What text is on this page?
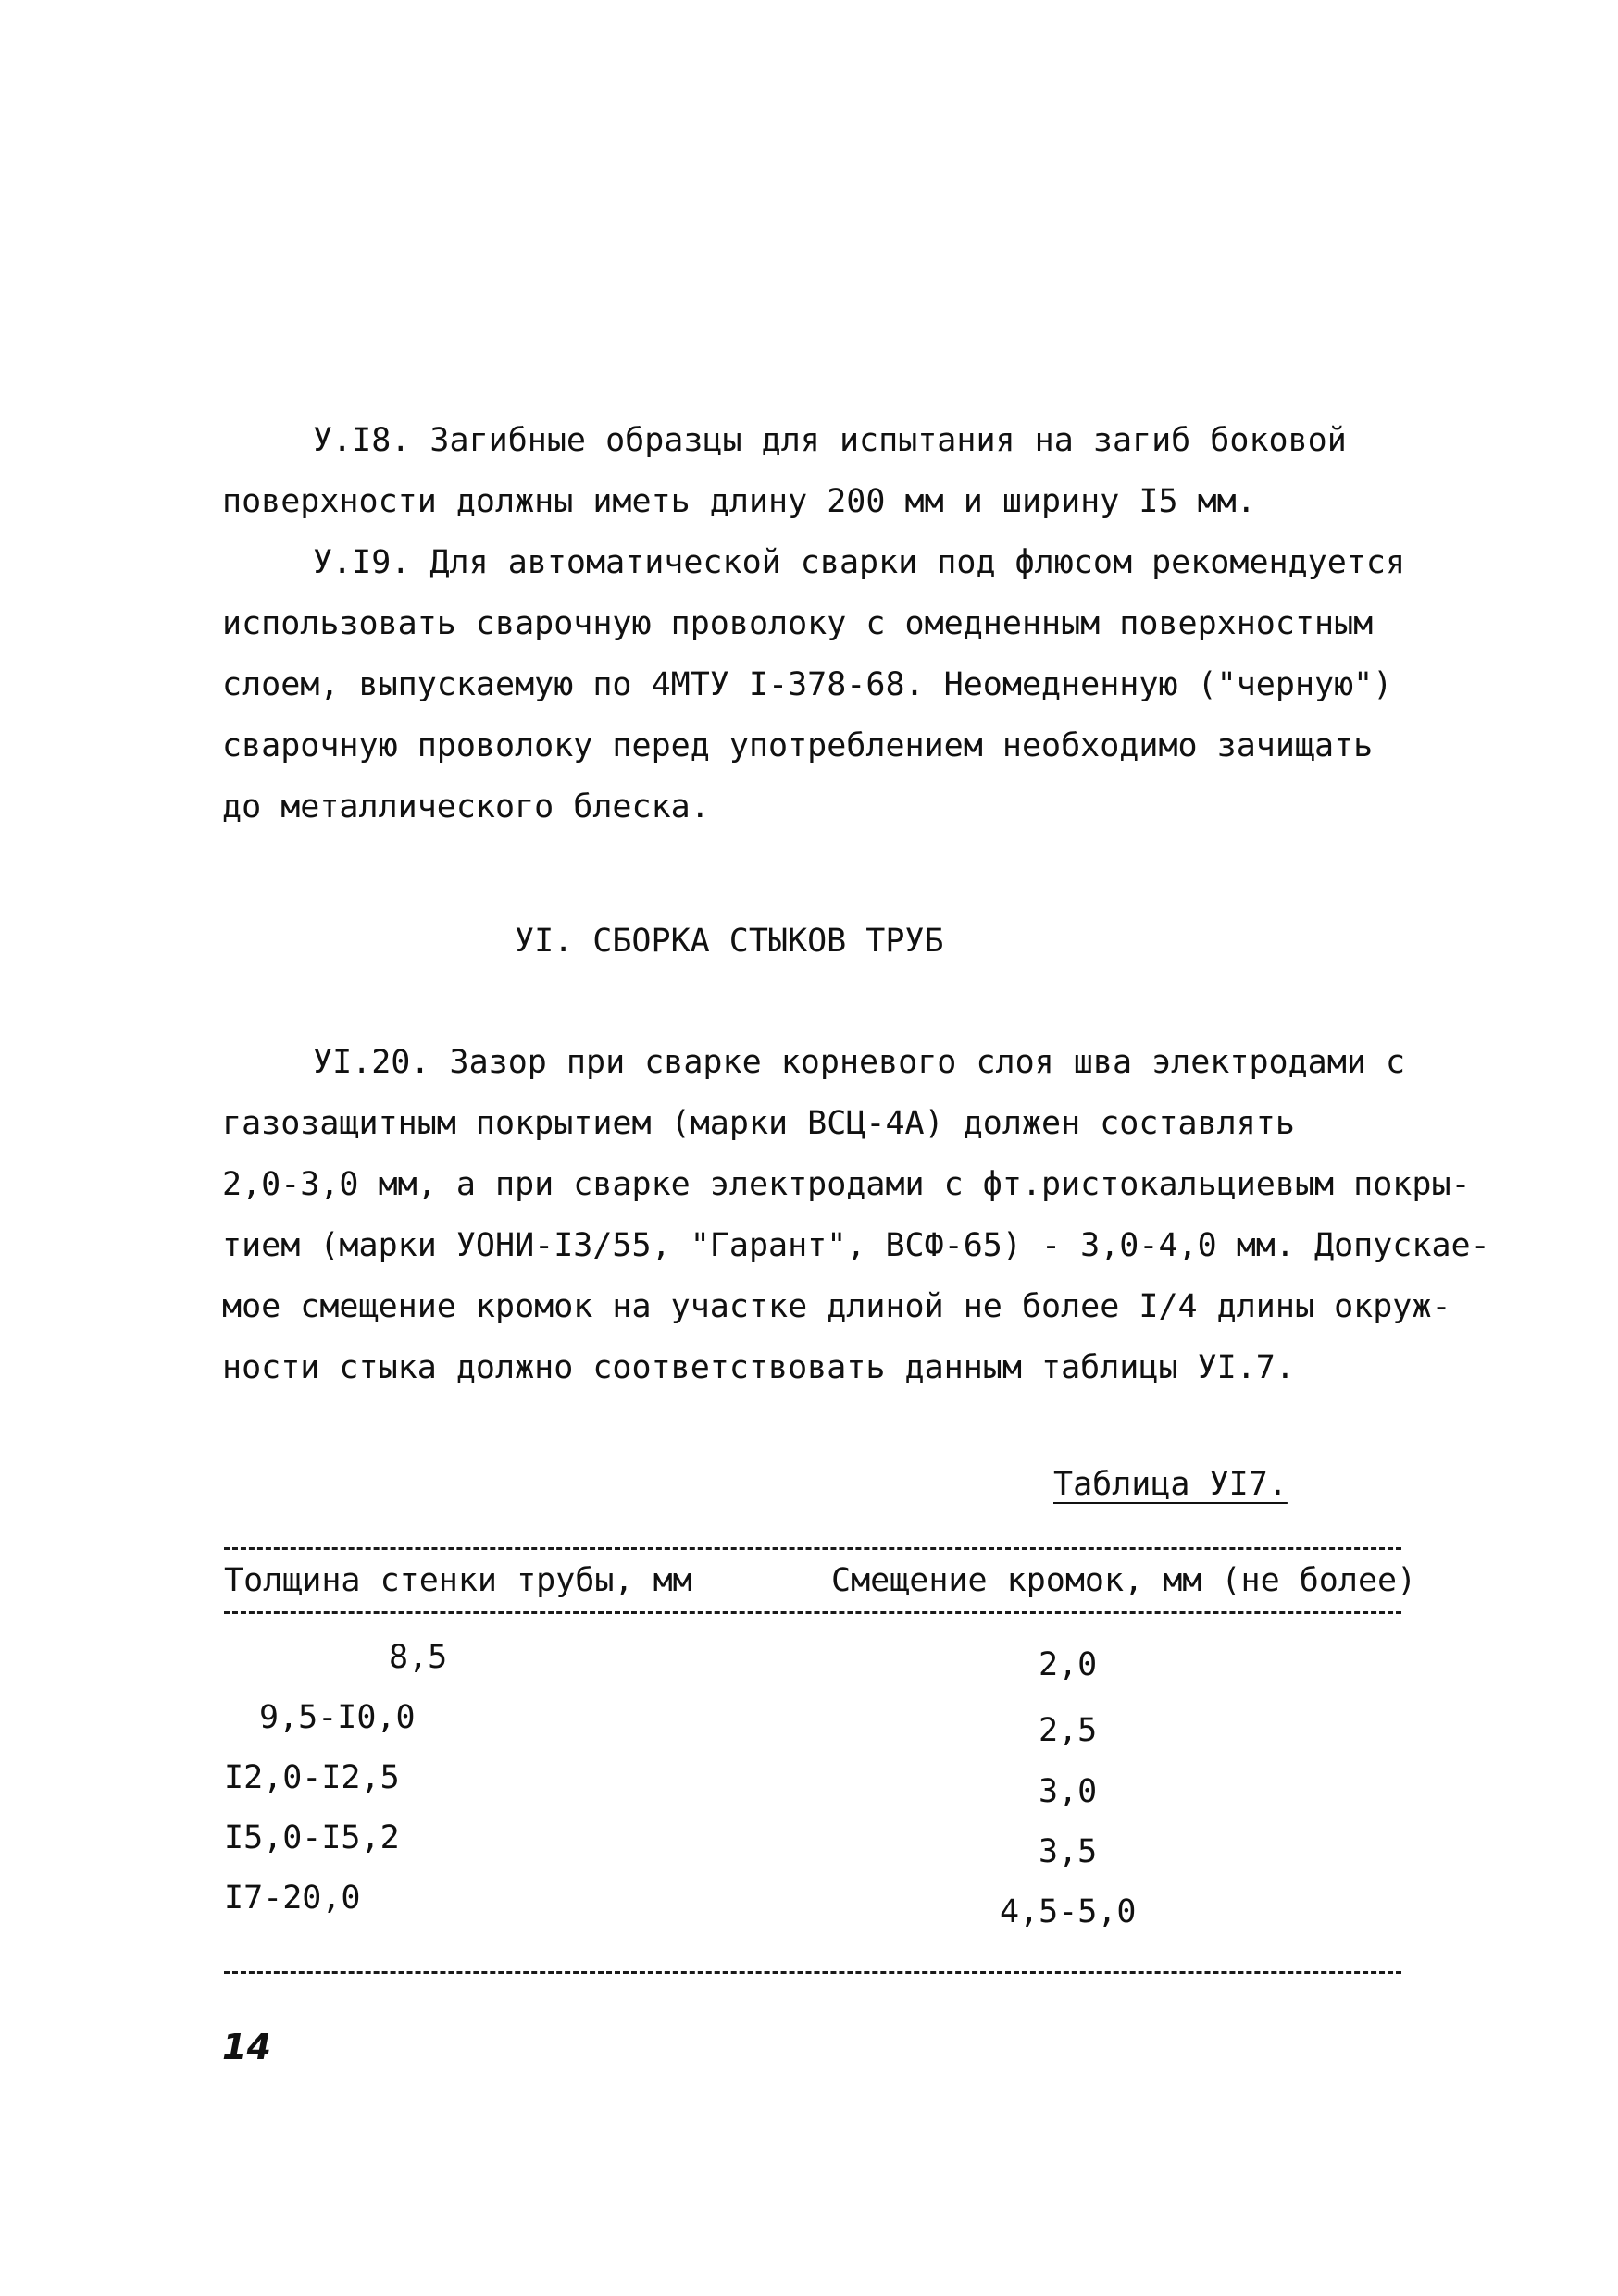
У.I8. Загибные образцы для испытания на загиб боковой
поверхности должны иметь длину 200 мм и ширину I5 мм.
У.I9. Для автоматической сварки под флюсом рекомендуется
использовать сварочную проволоку с омедненным поверхностным
слоем, выпускаемую по 4МТУ I-378-68. Неомедненную ("черную")
сварочную проволоку перед употреблением необходимо зачищать
до металлического блеска.
УI. СБОРКА СТЫКОВ ТРУБ
УI.20. Зазор при сварке корневого слоя шва электродами с
газозащитным покрытием (марки ВСЦ-4А) должен составлять
2,0-3,0 мм, а при сварке электродами с фт.ристокальциевым покры-
тием (марки УОНИ-I3/55, "Гарант", ВСФ-65) - 3,0-4,0 мм. Допускае-
мое смещение кромок на участке длиной не более I/4 длины окруж-
ности стыка должно соответствовать данным таблицы УI.7.
Таблица УI7.
Толщина стенки трубы, мм	Смещение кромок, мм (не более)
8,5
9,5-I0,0
I2,0-I2,5
I5,0-I5,2
I7-20,0
2,0
2,5
3,0
3,5
4,5-5,0
14
